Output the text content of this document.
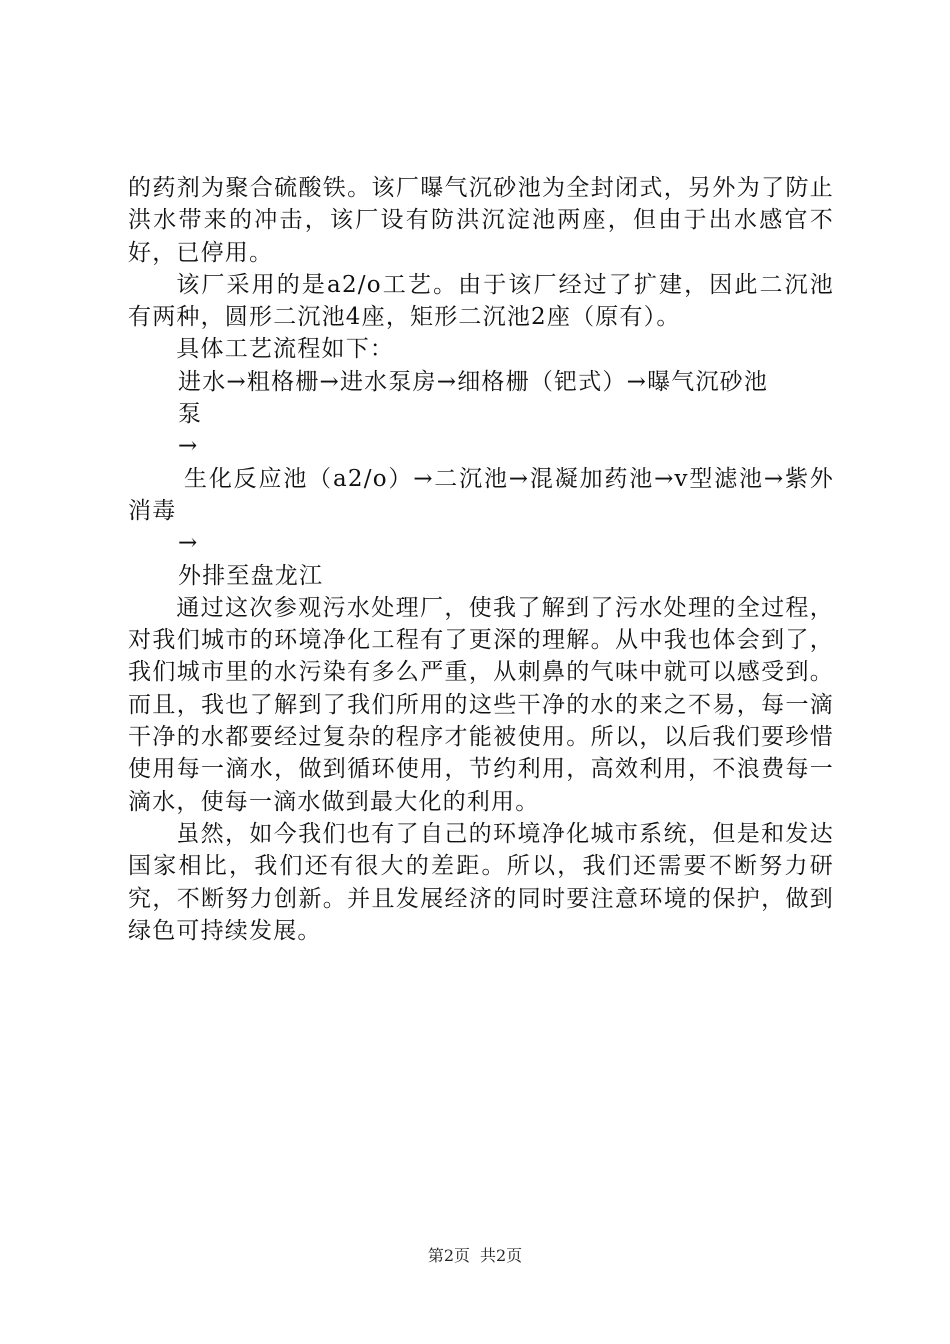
的药剂为聚合硫酸铁。该厂曝气沉砂池为全封闭式，另外为了防止洪水带来的冲击，该厂设有防洪沉淀池两座，但由于出水感官不好，已停用。

该厂采用的是a2/o工艺。由于该厂经过了扩建，因此二沉池有两种，圆形二沉池4座，矩形二沉池2座（原有）。

具体工艺流程如下：

进水→粗格栅→进水泵房→细格栅（钯式）→曝气沉砂池

泵

→

生化反应池（a2/o）→二沉池→混凝加药池→v型滤池→紫外消毒

→

外排至盘龙江

通过这次参观污水处理厂，使我了解到了污水处理的全过程，对我们城市的环境净化工程有了更深的理解。从中我也体会到了，我们城市里的水污染有多么严重，从刺鼻的气味中就可以感受到。而且，我也了解到了我们所用的这些干净的水的来之不易，每一滴干净的水都要经过复杂的程序才能被使用。所以，以后我们要珍惜使用每一滴水，做到循环使用，节约利用，高效利用，不浪费每一滴水，使每一滴水做到最大化的利用。

虽然，如今我们也有了自己的环境净化城市系统，但是和发达国家相比，我们还有很大的差距。所以，我们还需要不断努力研究，不断努力创新。并且发展经济的同时要注意环境的保护，做到绿色可持续发展。

第2页 共2页
